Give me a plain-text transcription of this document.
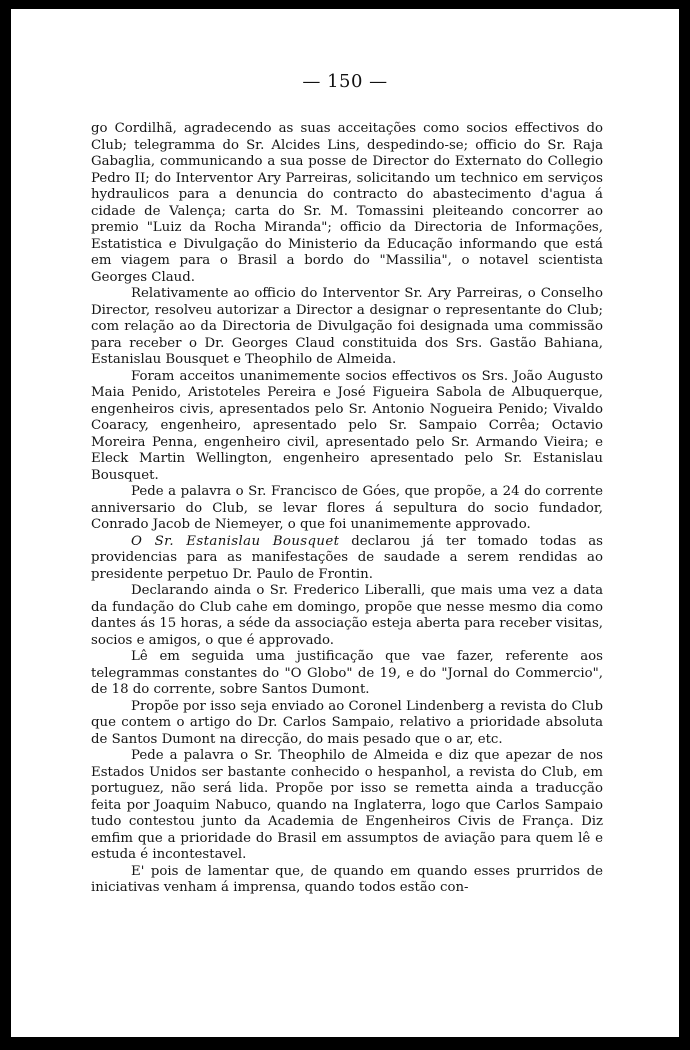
— 150 —

go Cordilhã, agradecendo as suas acceitações como socios effectivos do Club; telegramma do Sr. Alcides Lins, despedindo-se; officio do Sr. Raja Gabaglia, communicando a sua posse de Director do Externato do Collegio Pedro II; do Interventor Ary Parreiras, solicitando um technico em serviços hydraulicos para a denuncia do contracto do abastecimento d'agua á cidade de Valença; carta do Sr. M. Tomassini pleiteando concorrer ao premio "Luiz da Rocha Miranda"; officio da Directoria de Informações, Estatistica e Divulgação do Ministerio da Educação informando que está em viagem para o Brasil a bordo do "Massilia", o notavel scientista Georges Claud.

Relativamente ao officio do Interventor Sr. Ary Parreiras, o Conselho Director, resolveu autorizar a Director a designar o representante do Club; com relação ao da Directoria de Divulgação foi designada uma commissão para receber o Dr. Georges Claud constituida dos Srs. Gastão Bahiana, Estanislau Bousquet e Theophilo de Almeida.

Foram acceitos unanimemente socios effectivos os Srs. João Augusto Maia Penido, Aristoteles Pereira e José Figueira Sabola de Albuquerque, engenheiros civis, apresentados pelo Sr. Antonio Nogueira Penido; Vivaldo Coaracy, engenheiro, apresentado pelo Sr. Sampaio Corrêa; Octavio Moreira Penna, engenheiro civil, apresentado pelo Sr. Armando Vieira; e Eleck Martin Wellington, engenheiro apresentado pelo Sr. Estanislau Bousquet.

Pede a palavra o Sr. Francisco de Góes, que propõe, a 24 do corrente anniversario do Club, se levar flores á sepultura do socio fundador, Conrado Jacob de Niemeyer, o que foi unanimemente approvado.

O Sr. Estanislau Bousquet declarou já ter tomado todas as providencias para as manifestações de saudade a serem rendidas ao presidente perpetuo Dr. Paulo de Frontin.

Declarando ainda o Sr. Frederico Liberalli, que mais uma vez a data da fundação do Club cahe em domingo, propõe que nesse mesmo dia como dantes ás 15 horas, a séde da associação esteja aberta para receber visitas, socios e amigos, o que é approvado.

Lê em seguida uma justificação que vae fazer, referente aos telegrammas constantes do "O Globo" de 19, e do "Jornal do Commercio", de 18 do corrente, sobre Santos Dumont.

Propõe por isso seja enviado ao Coronel Lindenberg a revista do Club que contem o artigo do Dr. Carlos Sampaio, relativo a prioridade absoluta de Santos Dumont na direcção, do mais pesado que o ar, etc.

Pede a palavra o Sr. Theophilo de Almeida e diz que apezar de nos Estados Unidos ser bastante conhecido o hespanhol, a revista do Club, em portuguez, não será lida. Propõe por isso se remetta ainda a traducção feita por Joaquim Nabuco, quando na Inglaterra, logo que Carlos Sampaio tudo contestou junto da Academia de Engenheiros Civis de França. Diz emfim que a prioridade do Brasil em assumptos de aviação para quem lê e estuda é incontestavel.

E' pois de lamentar que, de quando em quando esses prurridos de iniciativas venham á imprensa, quando todos estão con-
